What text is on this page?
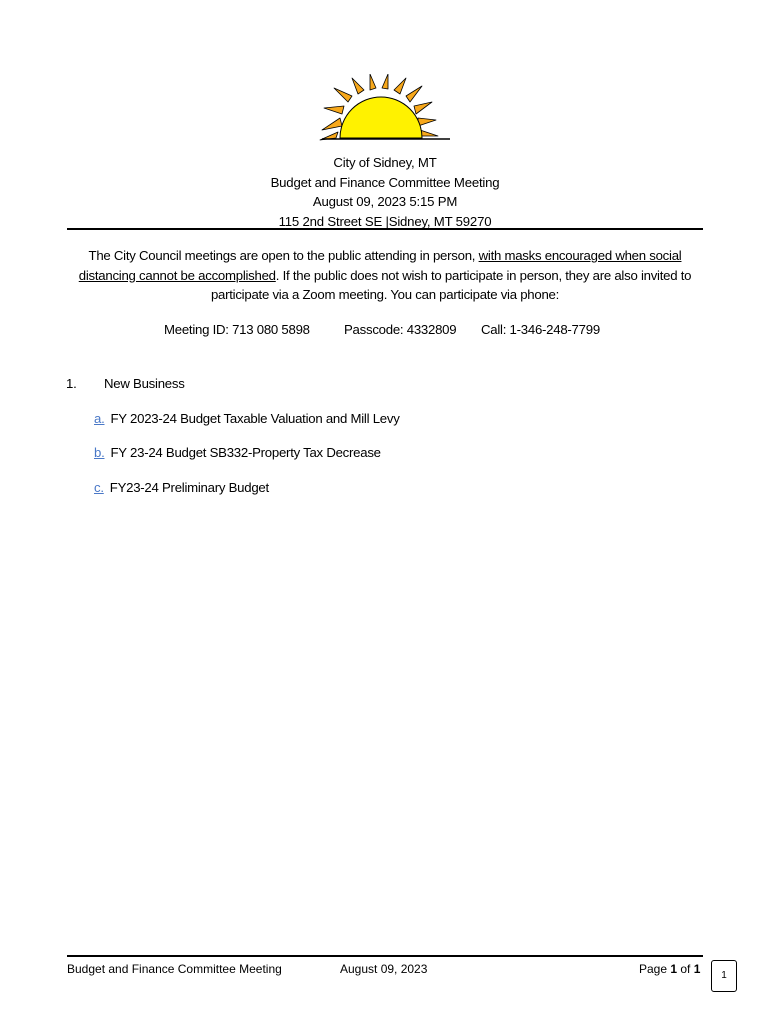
City of Sidney, MT
Budget and Finance Committee Meeting
August 09, 2023 5:15 PM
115 2nd Street SE |Sidney, MT 59270
The City Council meetings are open to the public attending in person, with masks encouraged when social distancing cannot be accomplished. If the public does not wish to participate in person, they are also invited to participate via a Zoom meeting. You can participate via phone:
Meeting ID: 713 080 5898	Passcode: 4332809 Call: 1-346-248-7799
1. New Business
a. FY 2023-24 Budget Taxable Valuation and Mill Levy
b. FY 23-24 Budget SB332-Property Tax Decrease
c. FY23-24 Preliminary Budget
Budget and Finance Committee Meeting	August 09, 2023	Page 1 of 1	1
